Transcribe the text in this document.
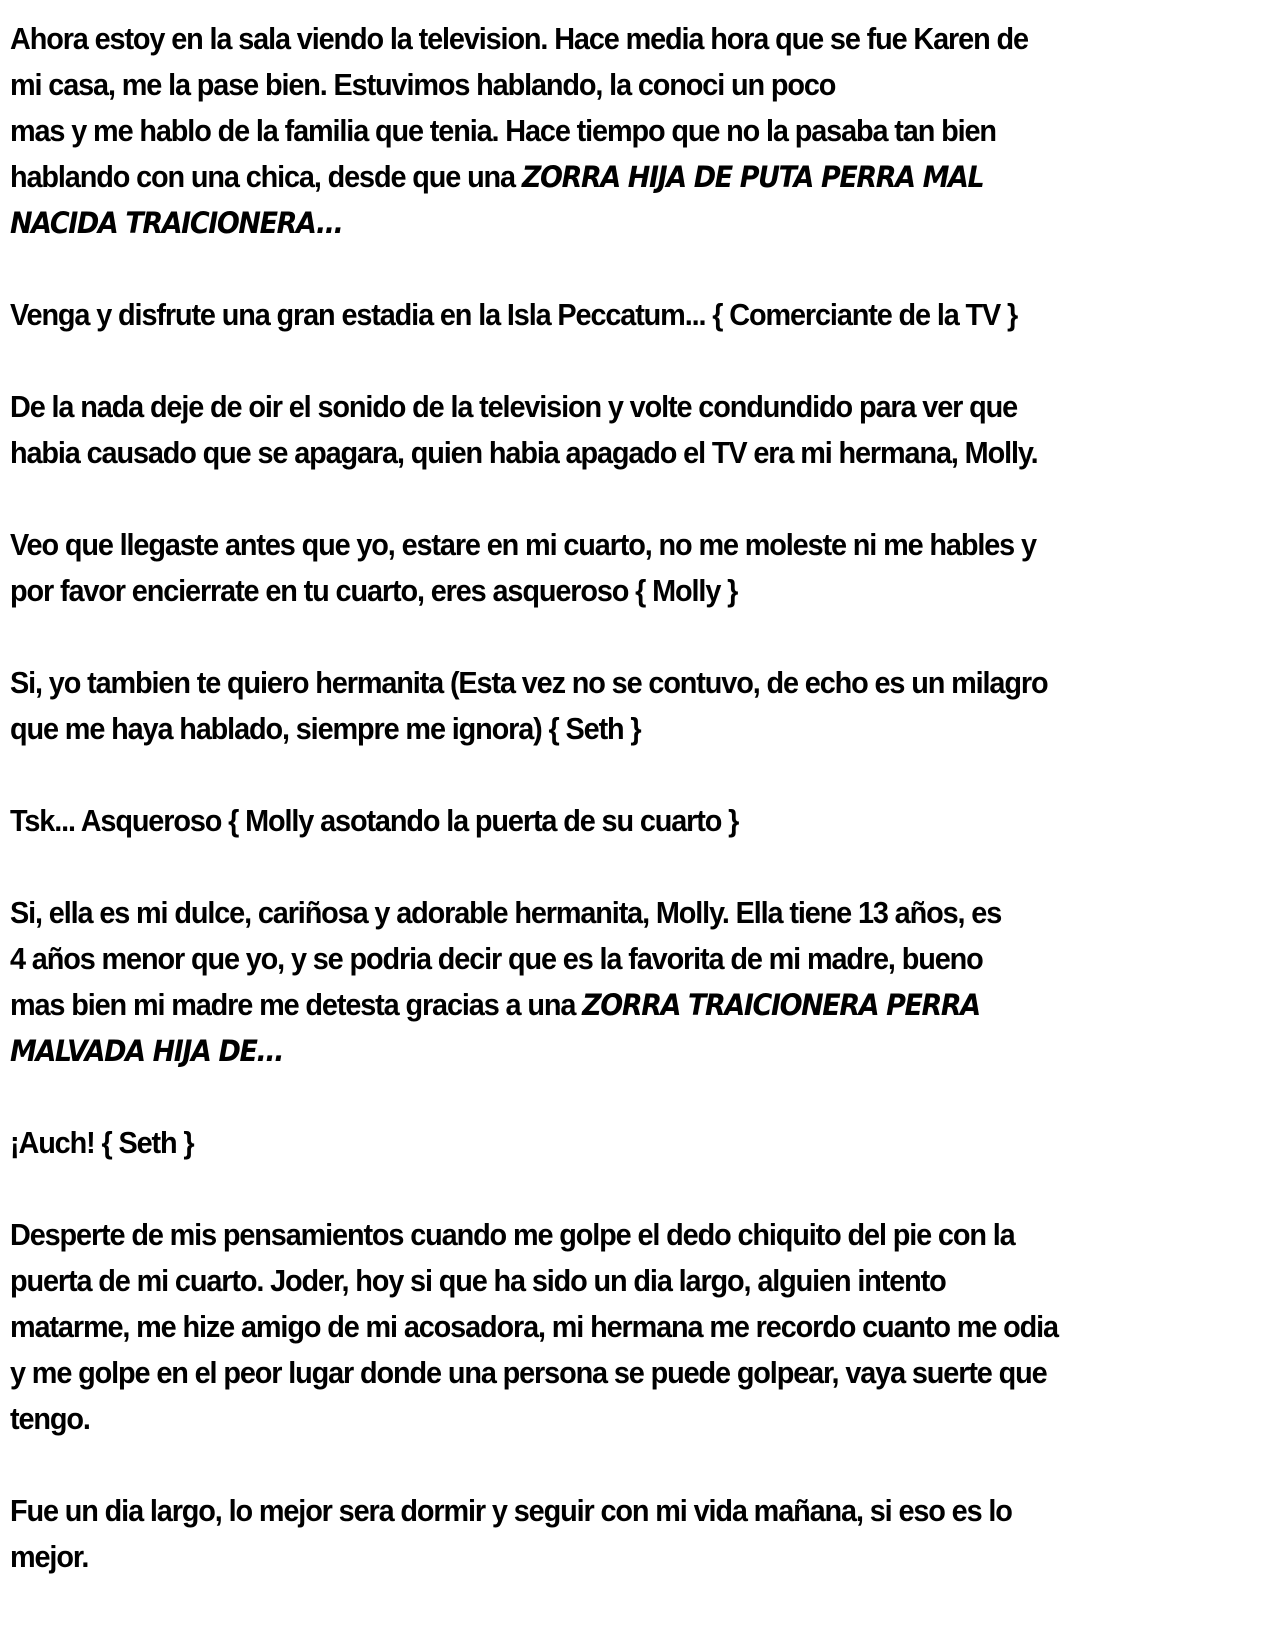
Ahora estoy en la sala viendo la television. Hace media hora que se fue Karen de
mi casa, me la pase bien. Estuvimos hablando, la conoci un poco
mas y me hablo de la familia que tenia. Hace tiempo que no la pasaba tan bien
hablando con una chica, desde que una ZORRA HIJA DE PUTA PERRA MAL
NACIDA TRAICIONERA...

Venga y disfrute una gran estadia en la Isla Peccatum... { Comerciante de la TV }

De la nada deje de oir el sonido de la television y volte condundido para ver que
habia causado que se apagara, quien habia apagado el TV era mi hermana, Molly.

Veo que llegaste antes que yo, estare en mi cuarto, no me moleste ni me hables y
por favor encierrate en tu cuarto, eres asqueroso { Molly }

Si, yo tambien te quiero hermanita (Esta vez no se contuvo, de echo es un milagro
que me haya hablado, siempre me ignora) { Seth }

Tsk... Asqueroso { Molly asotando la puerta de su cuarto }

Si, ella es mi dulce, cariñosa y adorable hermanita, Molly. Ella tiene 13 años, es
4 años menor que yo, y se podria decir que es la favorita de mi madre, bueno
mas bien mi madre me detesta gracias a una ZORRA TRAICIONERA PERRA
MALVADA HIJA DE...

¡Auch! { Seth }

Desperte de mis pensamientos cuando me golpe el dedo chiquito del pie con la
puerta de mi cuarto. Joder, hoy si que ha sido un dia largo, alguien intento
matarme, me hize amigo de mi acosadora, mi hermana me recordo cuanto me odia
y me golpe en el peor lugar donde una persona se puede golpear, vaya suerte que
tengo.

Fue un dia largo, lo mejor sera dormir y seguir con mi vida mañana, si eso es lo
mejor.
